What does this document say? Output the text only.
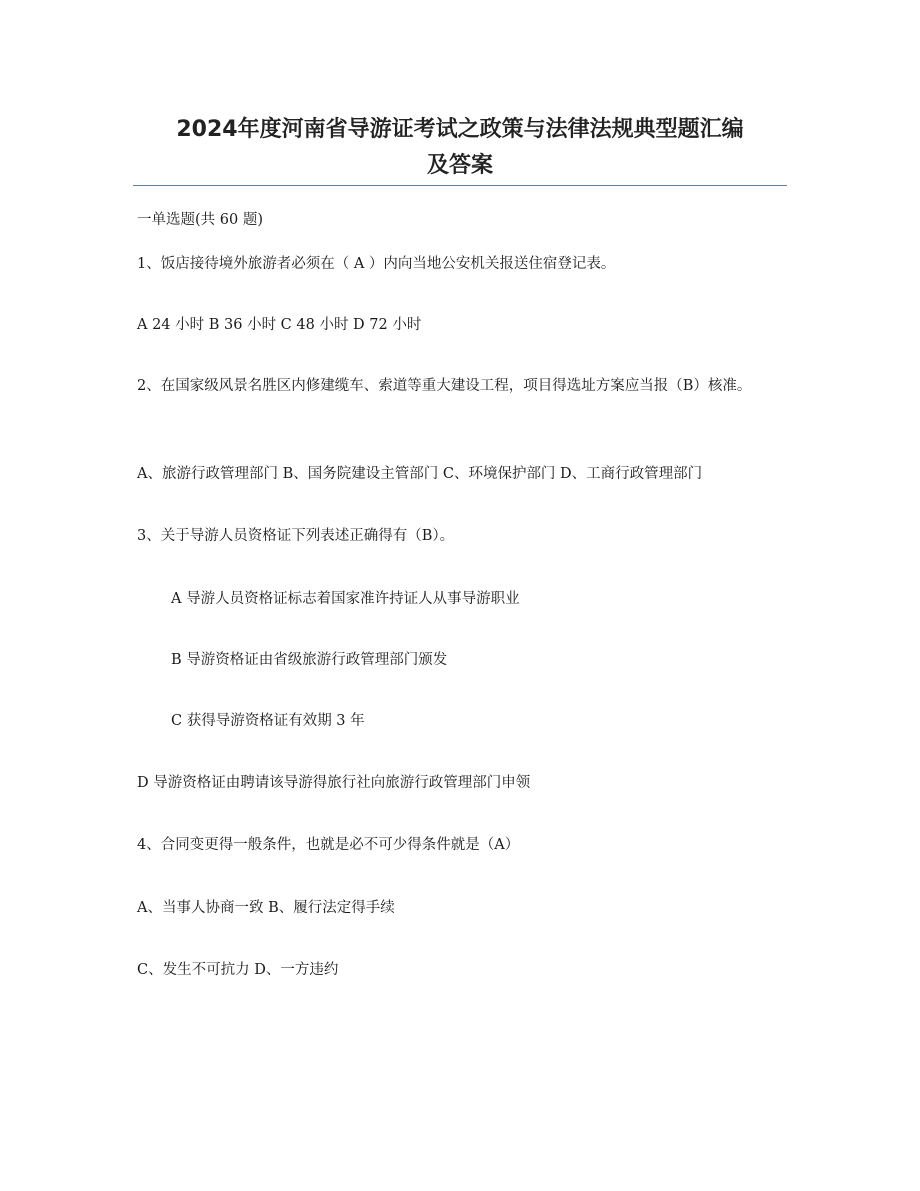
2024年度河南省导游证考试之政策与法律法规典型题汇编
及答案

一单选题(共 60 题)

1、饭店接待境外旅游者必须在（ A ）内向当地公安机关报送住宿登记表。

A 24 小时 B 36 小时 C 48 小时 D 72 小时

2、在国家级风景名胜区内修建缆车、索道等重大建设工程，项目得选址方案应当报（B）核准。

A、旅游行政管理部门 B、国务院建设主管部门 C、环境保护部门 D、工商行政管理部门

3、关于导游人员资格证下列表述正确得有（B）。

A 导游人员资格证标志着国家准许持证人从事导游职业

B 导游资格证由省级旅游行政管理部门颁发

C 获得导游资格证有效期 3 年

D 导游资格证由聘请该导游得旅行社向旅游行政管理部门申领

4、合同变更得一般条件，也就是必不可少得条件就是（A）

A、当事人协商一致 B、履行法定得手续

C、发生不可抗力 D、一方违约
